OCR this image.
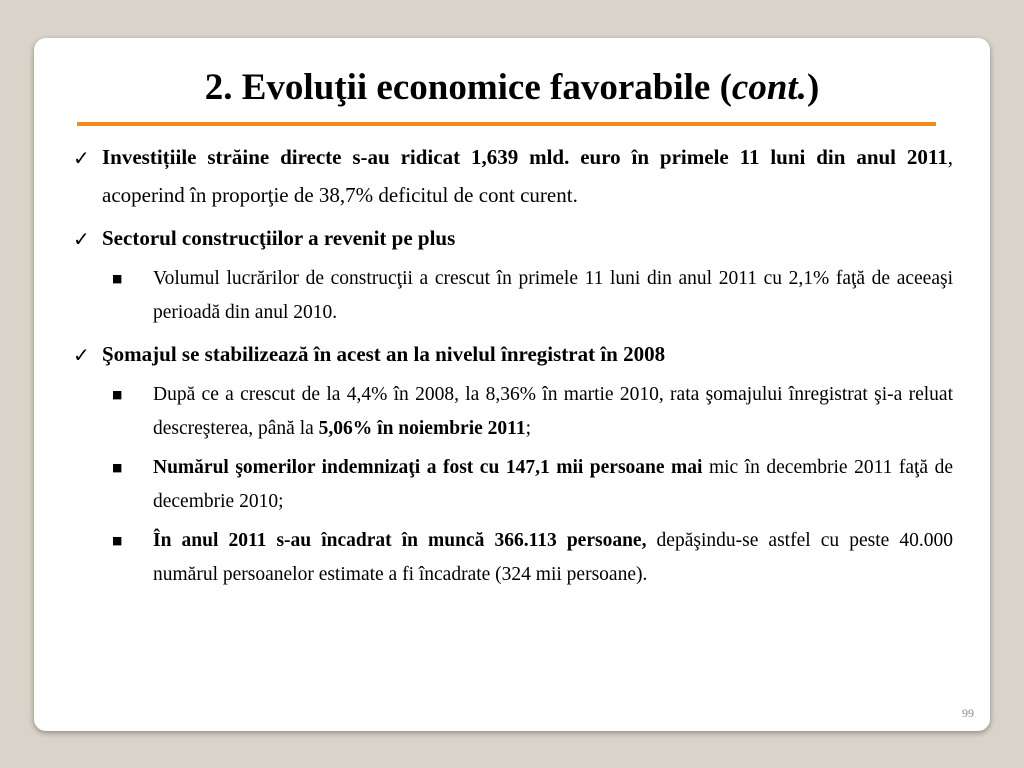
2. Evoluţii economice favorabile (cont.)
✓ Investițiile străine directe s-au ridicat 1,639 mld. euro în primele 11 luni din anul 2011, acoperind în proporţie de 38,7% deficitul de cont curent.
✓ Sectorul construcţiilor a revenit pe plus
■ Volumul lucrărilor de construcţii a crescut în primele 11 luni din anul 2011 cu 2,1% faţă de aceeaşi perioadă din anul 2010.
✓ Şomajul se stabilizează în acest an la nivelul înregistrat în 2008
■ După ce a crescut de la 4,4% în 2008, la 8,36% în martie 2010, rata şomajului înregistrat şi-a reluat descreşterea, până la 5,06% în noiembrie 2011;
■ Numărul şomerilor indemnizaţi a fost cu 147,1 mii persoane mai mic în decembrie 2011 faţă de decembrie 2010;
■ În anul 2011 s-au încadrat în muncă 366.113 persoane, depăşindu-se astfel cu peste 40.000 numărul persoanelor estimate a fi încadrate (324 mii persoane).
99
